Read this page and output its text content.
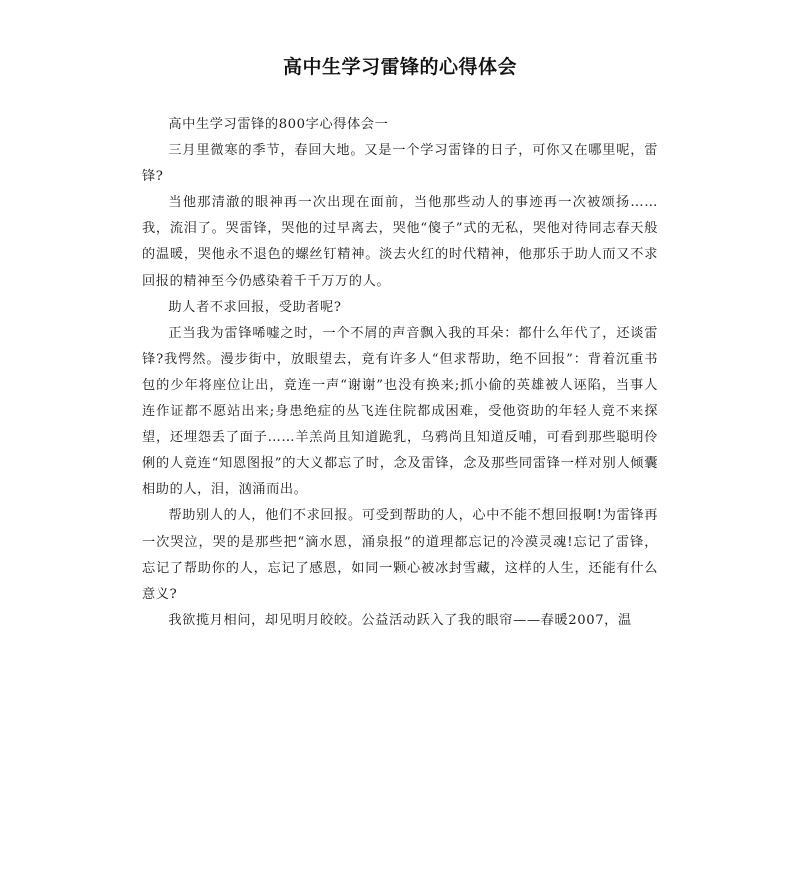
高中生学习雷锋的心得体会

高中生学习雷锋的800字心得体会一

三月里微寒的季节，春回大地。又是一个学习雷锋的日子，可你又在哪里呢，雷锋?

当他那清澈的眼神再一次出现在面前，当他那些动人的事迹再一次被颂扬……我，流泪了。哭雷锋，哭他的过早离去，哭他“傻子”式的无私，哭他对待同志春天般的温暖，哭他永不退色的螺丝钉精神。淡去火红的时代精神，他那乐于助人而又不求回报的精神至今仍感染着千千万万的人。

助人者不求回报，受助者呢?

正当我为雷锋唏嘘之时，一个不屑的声音飘入我的耳朵：都什么年代了，还谈雷锋?我愕然。漫步街中，放眼望去，竟有许多人“但求帮助，绝不回报”：背着沉重书包的少年将座位让出，竟连一声“谢谢”也没有换来;抓小偷的英雄被人诬陷，当事人连作证都不愿站出来;身患绝症的丛飞连住院都成困难，受他资助的年轻人竟不来探望，还埋怨丢了面子……羊羔尚且知道跪乳，乌鸦尚且知道反哺，可看到那些聪明伶俐的人竟连“知恩图报”的大义都忘了时，念及雷锋，念及那些同雷锋一样对别人倾囊相助的人，泪，汹涌而出。

帮助别人的人，他们不求回报。可受到帮助的人，心中不能不想回报啊!为雷锋再一次哭泣，哭的是那些把“滴水恩，涌泉报”的道理都忘记的冷漠灵魂!忘记了雷锋，忘记了帮助你的人，忘记了感恩，如同一颗心被冰封雪藏，这样的人生，还能有什么意义?

我欲揽月相问，却见明月皎皎。公益活动跃入了我的眼帘——春暖2007，温
